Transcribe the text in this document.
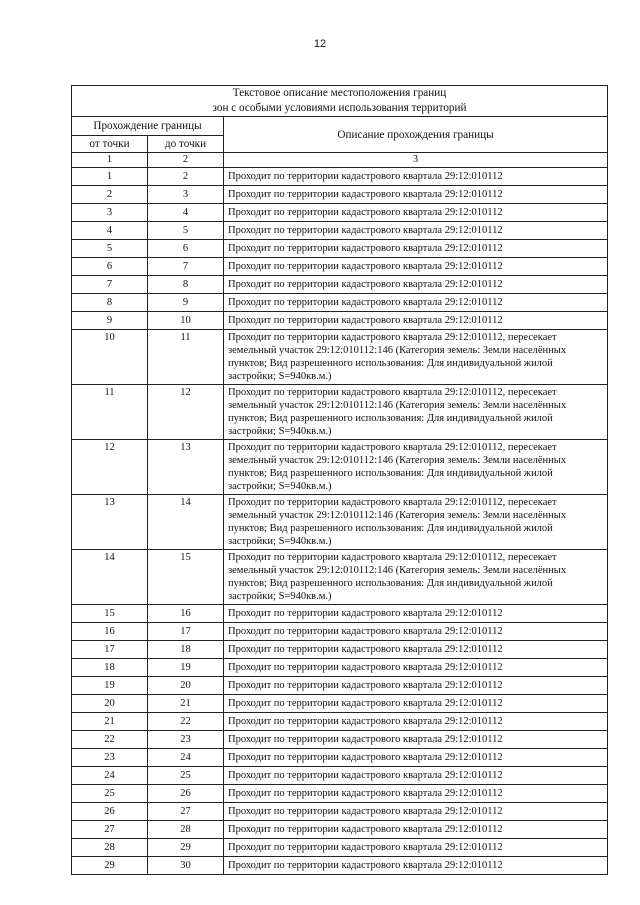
12
Текстовое описание местоположения границ
зон с особыми условиями использования территорий		

Прохождение границы		Описание прохождения границы
от точки	до точки	
1	2	3
1	2	Проходит по территории кадастрового квартала 29:12:010112
2	3	Проходит по территории кадастрового квартала 29:12:010112
3	4	Проходит по территории кадастрового квартала 29:12:010112
4	5	Проходит по территории кадастрового квартала 29:12:010112
5	6	Проходит по территории кадастрового квартала 29:12:010112
6	7	Проходит по территории кадастрового квартала 29:12:010112
7	8	Проходит по территории кадастрового квартала 29:12:010112
8	9	Проходит по территории кадастрового квартала 29:12:010112
9	10	Проходит по территории кадастрового квартала 29:12:010112
10	11	Проходит по территории кадастрового квартала 29:12:010112, пересекает земельный участок 29:12:010112:146 (Категория земель: Земли населённых пунктов; Вид разрешенного использования: Для индивидуальной жилой застройки; S=940кв.м.)
11	12	Проходит по территории кадастрового квартала 29:12:010112, пересекает земельный участок 29:12:010112:146 (Категория земель: Земли населённых пунктов; Вид разрешенного использования: Для индивидуальной жилой застройки; S=940кв.м.)
12	13	Проходит по территории кадастрового квартала 29:12:010112, пересекает земельный участок 29:12:010112:146 (Категория земель: Земли населённых пунктов; Вид разрешенного использования: Для индивидуальной жилой застройки; S=940кв.м.)
13	14	Проходит по территории кадастрового квартала 29:12:010112, пересекает земельный участок 29:12:010112:146 (Категория земель: Земли населённых пунктов; Вид разрешенного использования: Для индивидуальной жилой застройки; S=940кв.м.)
14	15	Проходит по территории кадастрового квартала 29:12:010112, пересекает земельный участок 29:12:010112:146 (Категория земель: Земли населённых пунктов; Вид разрешенного использования: Для индивидуальной жилой застройки; S=940кв.м.)
15	16	Проходит по территории кадастрового квартала 29:12:010112
16	17	Проходит по территории кадастрового квартала 29:12:010112
17	18	Проходит по территории кадастрового квартала 29:12:010112
18	19	Проходит по территории кадастрового квартала 29:12:010112
19	20	Проходит по территории кадастрового квартала 29:12:010112
20	21	Проходит по территории кадастрового квартала 29:12:010112
21	22	Проходит по территории кадастрового квартала 29:12:010112
22	23	Проходит по территории кадастрового квартала 29:12:010112
23	24	Проходит по территории кадастрового квартала 29:12:010112
24	25	Проходит по территории кадастрового квартала 29:12:010112
25	26	Проходит по территории кадастрового квартала 29:12:010112
26	27	Проходит по территории кадастрового квартала 29:12:010112
27	28	Проходит по территории кадастрового квартала 29:12:010112
28	29	Проходит по территории кадастрового квартала 29:12:010112
29	30	Проходит по территории кадастрового квартала 29:12:010112
